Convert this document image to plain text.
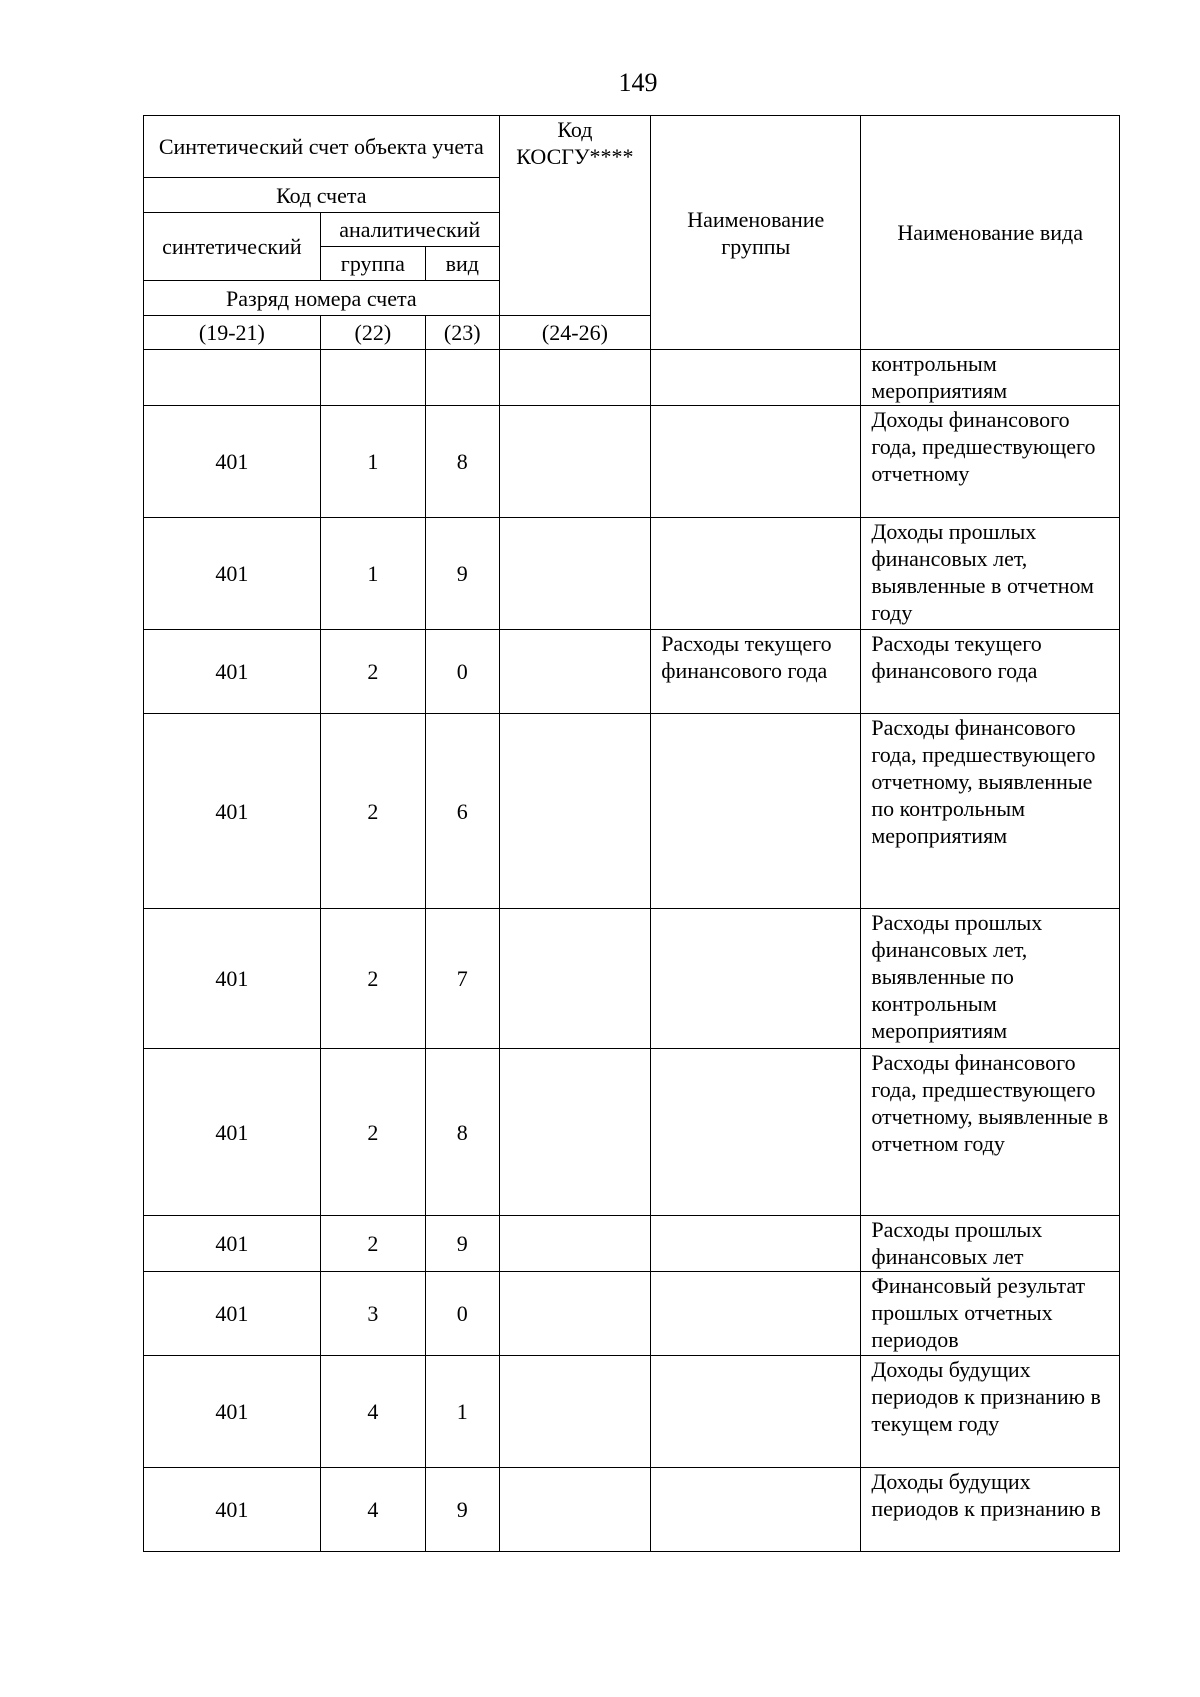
149
Синтетический счет объекта учета			Код КОСГУ****	Наименование группы	Наименование вида
Код счета					
синтетический	аналитический				
	группа	вид			
Разряд номера счета					
(19-21)	(22)	(23)	(24-26)		
					контрольным мероприятиям
401	1	8			Доходы финансового года, предшествующего отчетному
401	1	9			Доходы прошлых финансовых лет, выявленные в отчетном году
401	2	0		Расходы текущего финансового года	Расходы текущего финансового года
401	2	6			Расходы финансового года, предшествующего отчетному, выявленные по контрольным мероприятиям
401	2	7			Расходы прошлых финансовых лет, выявленные по контрольным мероприятиям
401	2	8			Расходы финансового года, предшествующего отчетному, выявленные в отчетном году
401	2	9			Расходы прошлых финансовых лет
401	3	0			Финансовый результат прошлых отчетных периодов
401	4	1			Доходы будущих периодов к признанию в текущем году
401	4	9			Доходы будущих периодов к признанию в
